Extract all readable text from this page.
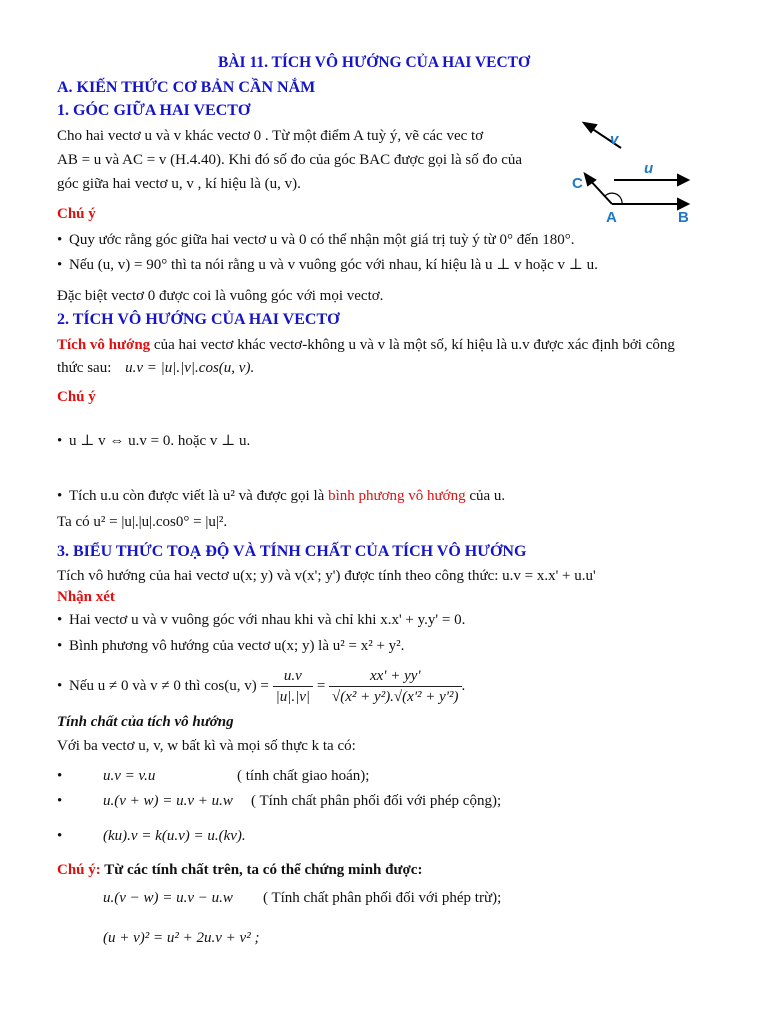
BÀI 11. TÍCH VÔ HƯỚNG CỦA HAI VECTƠ
A. KIẾN THỨC CƠ BẢN CẦN NẮM
1. GÓC GIỮA HAI VECTƠ
Cho hai vectơ u và v khác vectơ 0 . Từ một điểm A tuỳ ý, vẽ các vec tơ
AB = u và AC = v (H.4.40). Khi đó số đo của góc BAC được gọi là số đo của
góc giữa hai vectơ u, v , kí hiệu là (u, v).
v
u
C
A	B
Chú ý
• Quy ước rằng góc giữa hai vectơ u và 0 có thể nhận một giá trị tuỳ ý từ 0° đến 180°.
• Nếu (u, v) = 90° thì ta nói rằng u và v vuông góc với nhau, kí hiệu là u ⊥ v hoặc v ⊥ u.
Đặc biệt vectơ 0 được coi là vuông góc với mọi vectơ.
2. TÍCH VÔ HƯỚNG CỦA HAI VECTƠ
Tích vô hướng của hai vectơ khác vectơ-không u và v là một số, kí hiệu là u.v được xác định bởi công
thức sau: u.v = |u|.|v|.cos(u, v).
Chú ý
• u ⊥ v ⇔ u.v = 0. hoặc v ⊥ u.
• Tích u.u còn được viết là u² và được gọi là bình phương vô hướng của u.
Ta có u² = |u|.|u|.cos0° = |u|².
3. BIỂU THỨC TOẠ ĐỘ VÀ TÍNH CHẤT CỦA TÍCH VÔ HƯỚNG
Tích vô hướng của hai vectơ u(x; y) và v(x'; y') được tính theo công thức: u.v = x.x' + u.u'
Nhận xét
• Hai vectơ u và v vuông góc với nhau khi và chỉ khi x.x' + y.y' = 0.
• Bình phương vô hướng của vectơ u(x; y) là u² = x² + y².
• Nếu u ≠ 0 và v ≠ 0 thì cos(u, $v) = \frac{u.v}{|u|.|v|} = \frac{xx' + yy'}{\text{√(x² + y²).√(x'² + y'²)}}$ .
Tính chất của tích vô hướng
Với ba vectơ u, v, w bất kì và mọi số thực k ta có:
•	u.v = v.u	( tính chất giao hoán);
•	u.(v + w) = u.v + u.w ( Tính chất phân phối đối với phép cộng);
•	(ku).v = k(u.v) = u.(kv).
Chú ý: Từ các tính chất trên, ta có thể chứng minh được:
u.(v − w) = u.v − u.w ( Tính chất phân phối đối với phép trừ);
(u + v)² = u² + 2u.v + v² ;
